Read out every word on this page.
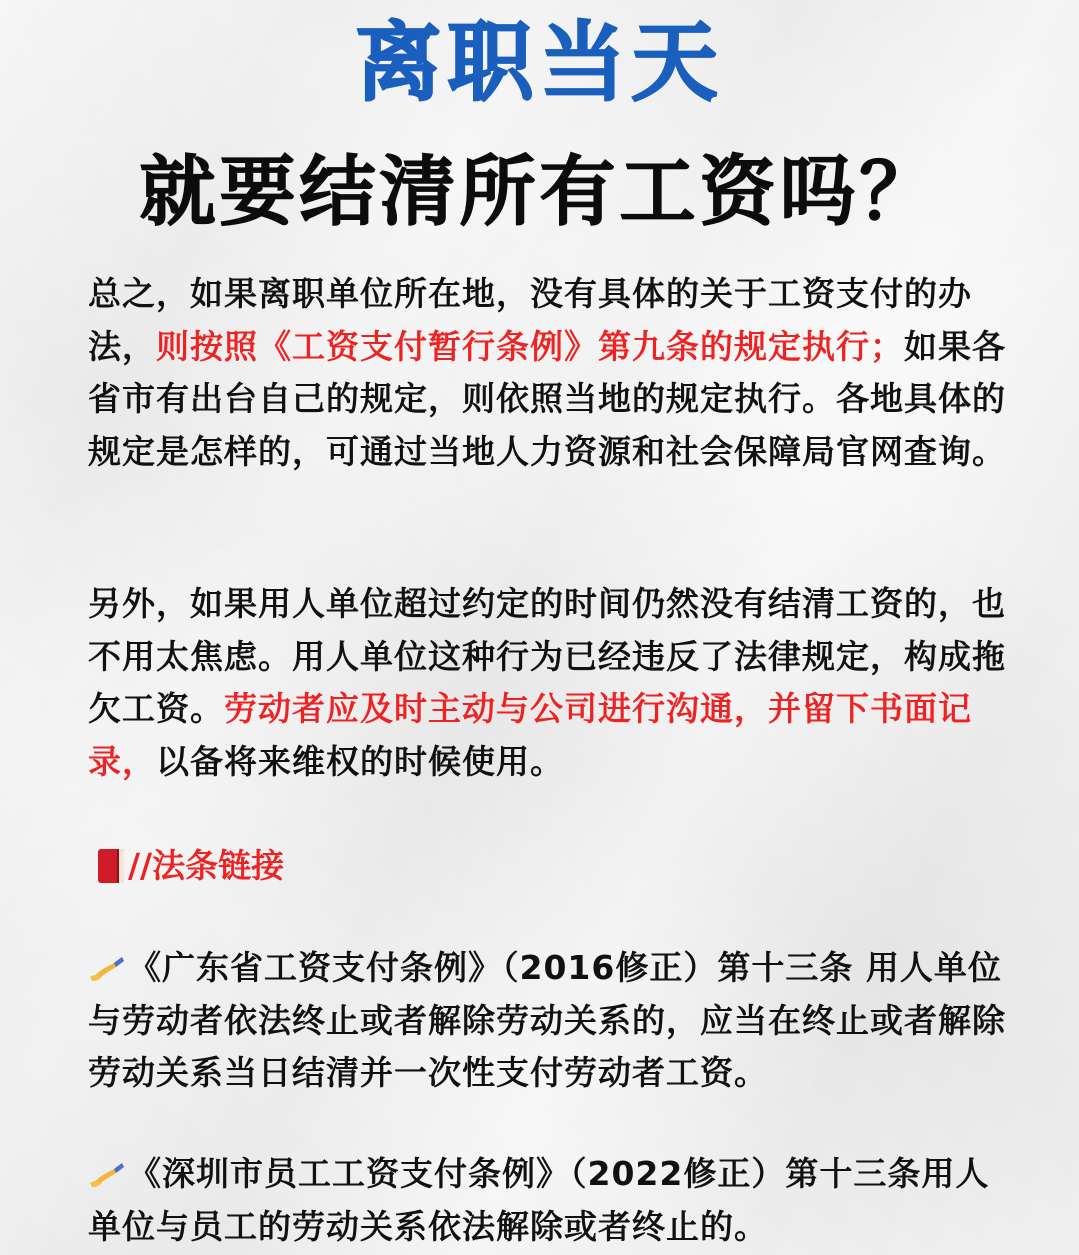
离职当天
就要结清所有工资吗？

总之，如果离职单位所在地，没有具体的关于工资支付的办法，则按照《工资支付暂行条例》第九条的规定执行；如果各省市有出台自己的规定，则依照当地的规定执行。各地具体的规定是怎样的，可通过当地人力资源和社会保障局官网查询。

另外，如果用人单位超过约定的时间仍然没有结清工资的，也不用太焦虑。用人单位这种行为已经违反了法律规定，构成拖欠工资。劳动者应及时主动与公司进行沟通，并留下书面记录，以备将来维权的时候使用。

//法条链接

《广东省工资支付条例》（2016修正）第十三条 用人单位与劳动者依法终止或者解除劳动关系的，应当在终止或者解除劳动关系当日结清并一次性支付劳动者工资。

《深圳市员工工资支付条例》（2022修正）第十三条用人单位与员工的劳动关系依法解除或者终止的。
